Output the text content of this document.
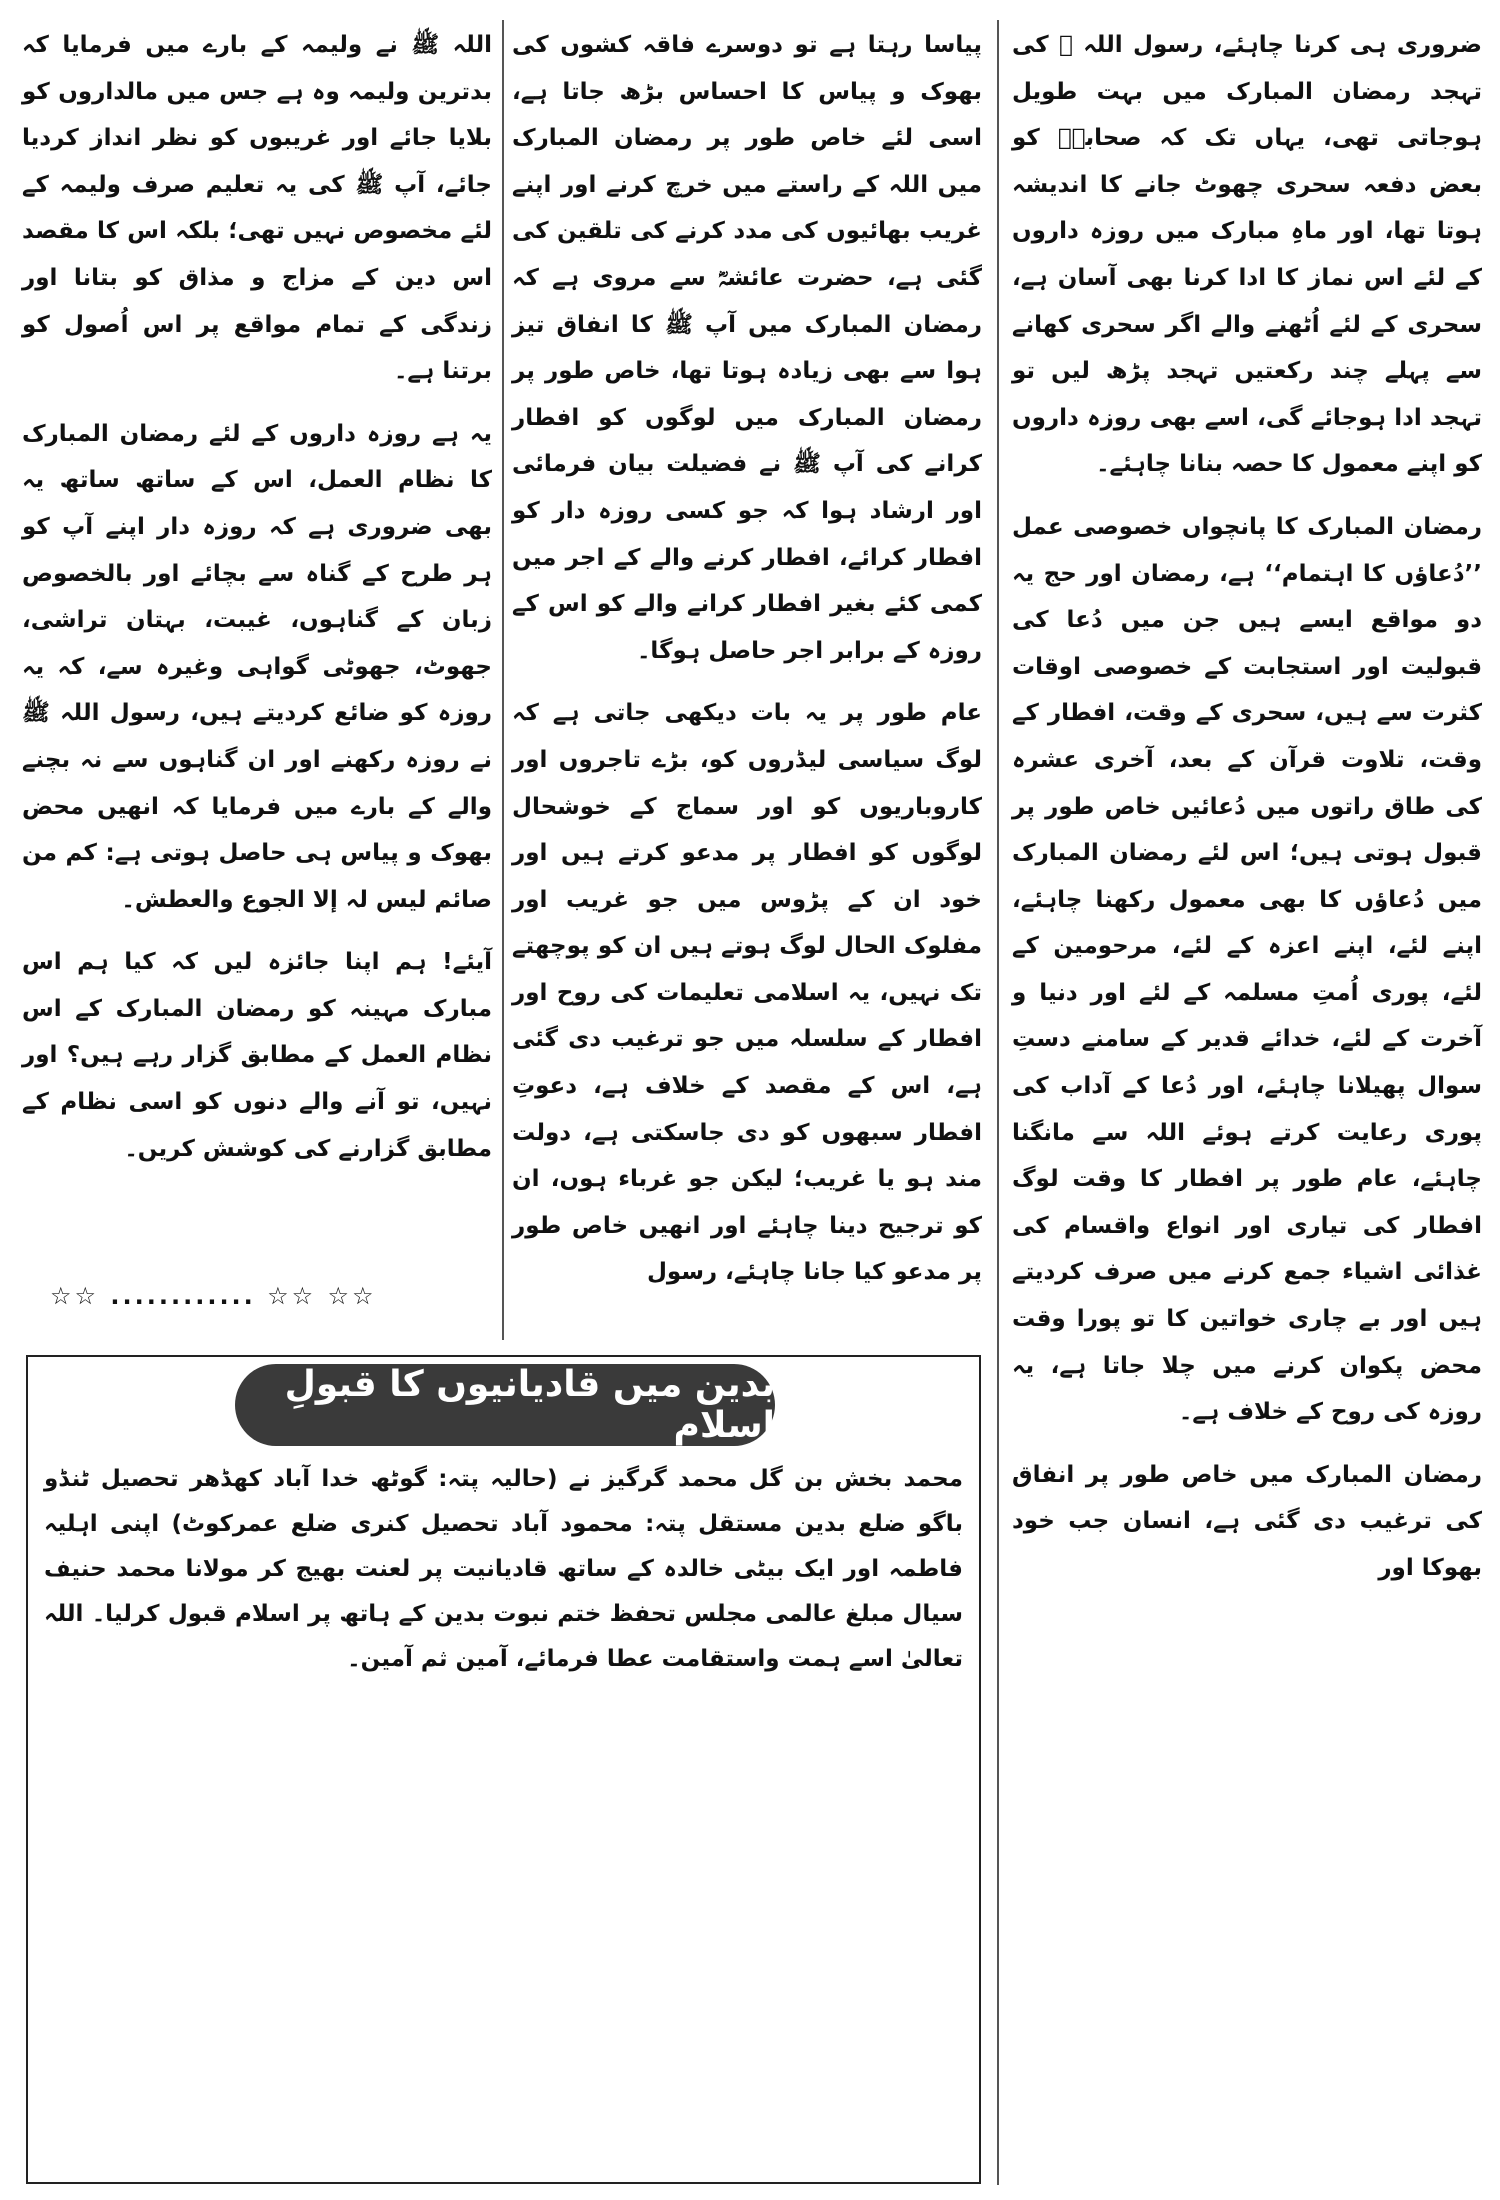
ضروری ہی کرنا چاہئے، رسول اللہ ﷺ کی تہجد رمضان المبارک میں بہت طویل ہوجاتی تھی، یہاں تک کہ صحابہؓ کو بعض دفعہ سحری چھوٹ جانے کا اندیشہ ہوتا تھا، اور ماہِ مبارک میں روزہ داروں کے لئے اس نماز کا ادا کرنا بھی آسان ہے، سحری کے لئے اُٹھنے والے اگر سحری کھانے سے پہلے چند رکعتیں تہجد پڑھ لیں تو تہجد ادا ہوجائے گی، اسے بھی روزہ داروں کو اپنے معمول کا حصہ بنانا چاہئے۔

رمضان المبارک کا پانچواں خصوصی عمل ’’دُعاؤں کا اہتمام‘‘ ہے، رمضان اور حج یہ دو مواقع ایسے ہیں جن میں دُعا کی قبولیت اور استجابت کے خصوصی اوقات کثرت سے ہیں، سحری کے وقت، افطار کے وقت، تلاوت قرآن کے بعد، آخری عشرہ کی طاق راتوں میں دُعائیں خاص طور پر قبول ہوتی ہیں؛ اس لئے رمضان المبارک میں دُعاؤں کا بھی معمول رکھنا چاہئے، اپنے لئے، اپنے اعزہ کے لئے، مرحومین کے لئے، پوری اُمتِ مسلمہ کے لئے اور دنیا و آخرت کے لئے، خدائے قدیر کے سامنے دستِ سوال پھیلانا چاہئے، اور دُعا کے آداب کی پوری رعایت کرتے ہوئے اللہ سے مانگنا چاہئے، عام طور پر افطار کا وقت لوگ افطار کی تیاری اور انواع واقسام کی غذائی اشیاء جمع کرنے میں صرف کردیتے ہیں اور بے چاری خواتین کا تو پورا وقت محض پکوان کرنے میں چلا جاتا ہے، یہ روزہ کی روح کے خلاف ہے۔

رمضان المبارک میں خاص طور پر انفاق کی ترغیب دی گئی ہے، انسان جب خود بھوکا اور

پیاسا رہتا ہے تو دوسرے فاقہ کشوں کی بھوک و پیاس کا احساس بڑھ جاتا ہے، اسی لئے خاص طور پر رمضان المبارک میں اللہ کے راستے میں خرچ کرنے اور اپنے غریب بھائیوں کی مدد کرنے کی تلقین کی گئی ہے، حضرت عائشہؓ سے مروی ہے کہ رمضان المبارک میں آپ ﷺ کا انفاق تیز ہوا سے بھی زیادہ ہوتا تھا، خاص طور پر رمضان المبارک میں لوگوں کو افطار کرانے کی آپ ﷺ نے فضیلت بیان فرمائی اور ارشاد ہوا کہ جو کسی روزہ دار کو افطار کرائے، افطار کرنے والے کے اجر میں کمی کئے بغیر افطار کرانے والے کو اس کے روزہ کے برابر اجر حاصل ہوگا۔

عام طور پر یہ بات دیکھی جاتی ہے کہ لوگ سیاسی لیڈروں کو، بڑے تاجروں اور کاروباریوں کو اور سماج کے خوشحال لوگوں کو افطار پر مدعو کرتے ہیں اور خود ان کے پڑوس میں جو غریب اور مفلوک الحال لوگ ہوتے ہیں ان کو پوچھتے تک نہیں، یہ اسلامی تعلیمات کی روح اور افطار کے سلسلہ میں جو ترغیب دی گئی ہے، اس کے مقصد کے خلاف ہے، دعوتِ افطار سبھوں کو دی جاسکتی ہے، دولت مند ہو یا غریب؛ لیکن جو غرباء ہوں، ان کو ترجیح دینا چاہئے اور انھیں خاص طور پر مدعو کیا جانا چاہئے، رسول

اللہ ﷺ نے ولیمہ کے بارے میں فرمایا کہ بدترین ولیمہ وہ ہے جس میں مالداروں کو بلایا جائے اور غریبوں کو نظر انداز کردیا جائے، آپ ﷺ کی یہ تعلیم صرف ولیمہ کے لئے مخصوص نہیں تھی؛ بلکہ اس کا مقصد اس دین کے مزاج و مذاق کو بتانا اور زندگی کے تمام مواقع پر اس اُصول کو برتنا ہے۔

یہ ہے روزہ داروں کے لئے رمضان المبارک کا نظام العمل، اس کے ساتھ ساتھ یہ بھی ضروری ہے کہ روزہ دار اپنے آپ کو ہر طرح کے گناہ سے بچائے اور بالخصوص زبان کے گناہوں، غیبت، بہتان تراشی، جھوٹ، جھوٹی گواہی وغیرہ سے، کہ یہ روزہ کو ضائع کردیتے ہیں، رسول اللہ ﷺ نے روزہ رکھنے اور ان گناہوں سے نہ بچنے والے کے بارے میں فرمایا کہ انھیں محض بھوک و پیاس ہی حاصل ہوتی ہے: کم من صائم لیس لہ إلا الجوع والعطش۔

آیئے! ہم اپنا جائزہ لیں کہ کیا ہم اس مبارک مہینہ کو رمضان المبارک کے اس نظام العمل کے مطابق گزار رہے ہیں؟ اور نہیں، تو آنے والے دنوں کو اسی نظام کے مطابق گزارنے کی کوشش کریں۔

☆☆ ............ ☆☆ ☆☆
بدین میں قادیانیوں کا قبولِ اسلام
محمد بخش بن گل محمد گرگیز نے (حالیہ پتہ: گوٹھ خدا آباد کھڈھر تحصیل ٹنڈو باگو ضلع بدین مستقل پتہ: محمود آباد تحصیل کنری ضلع عمرکوٹ) اپنی اہلیہ فاطمہ اور ایک بیٹی خالدہ کے ساتھ قادیانیت پر لعنت بھیج کر مولانا محمد حنیف سیال مبلغ عالمی مجلس تحفظ ختم نبوت بدین کے ہاتھ پر اسلام قبول کرلیا۔ اللہ تعالیٰ اسے ہمت واستقامت عطا فرمائے، آمین ثم آمین۔
